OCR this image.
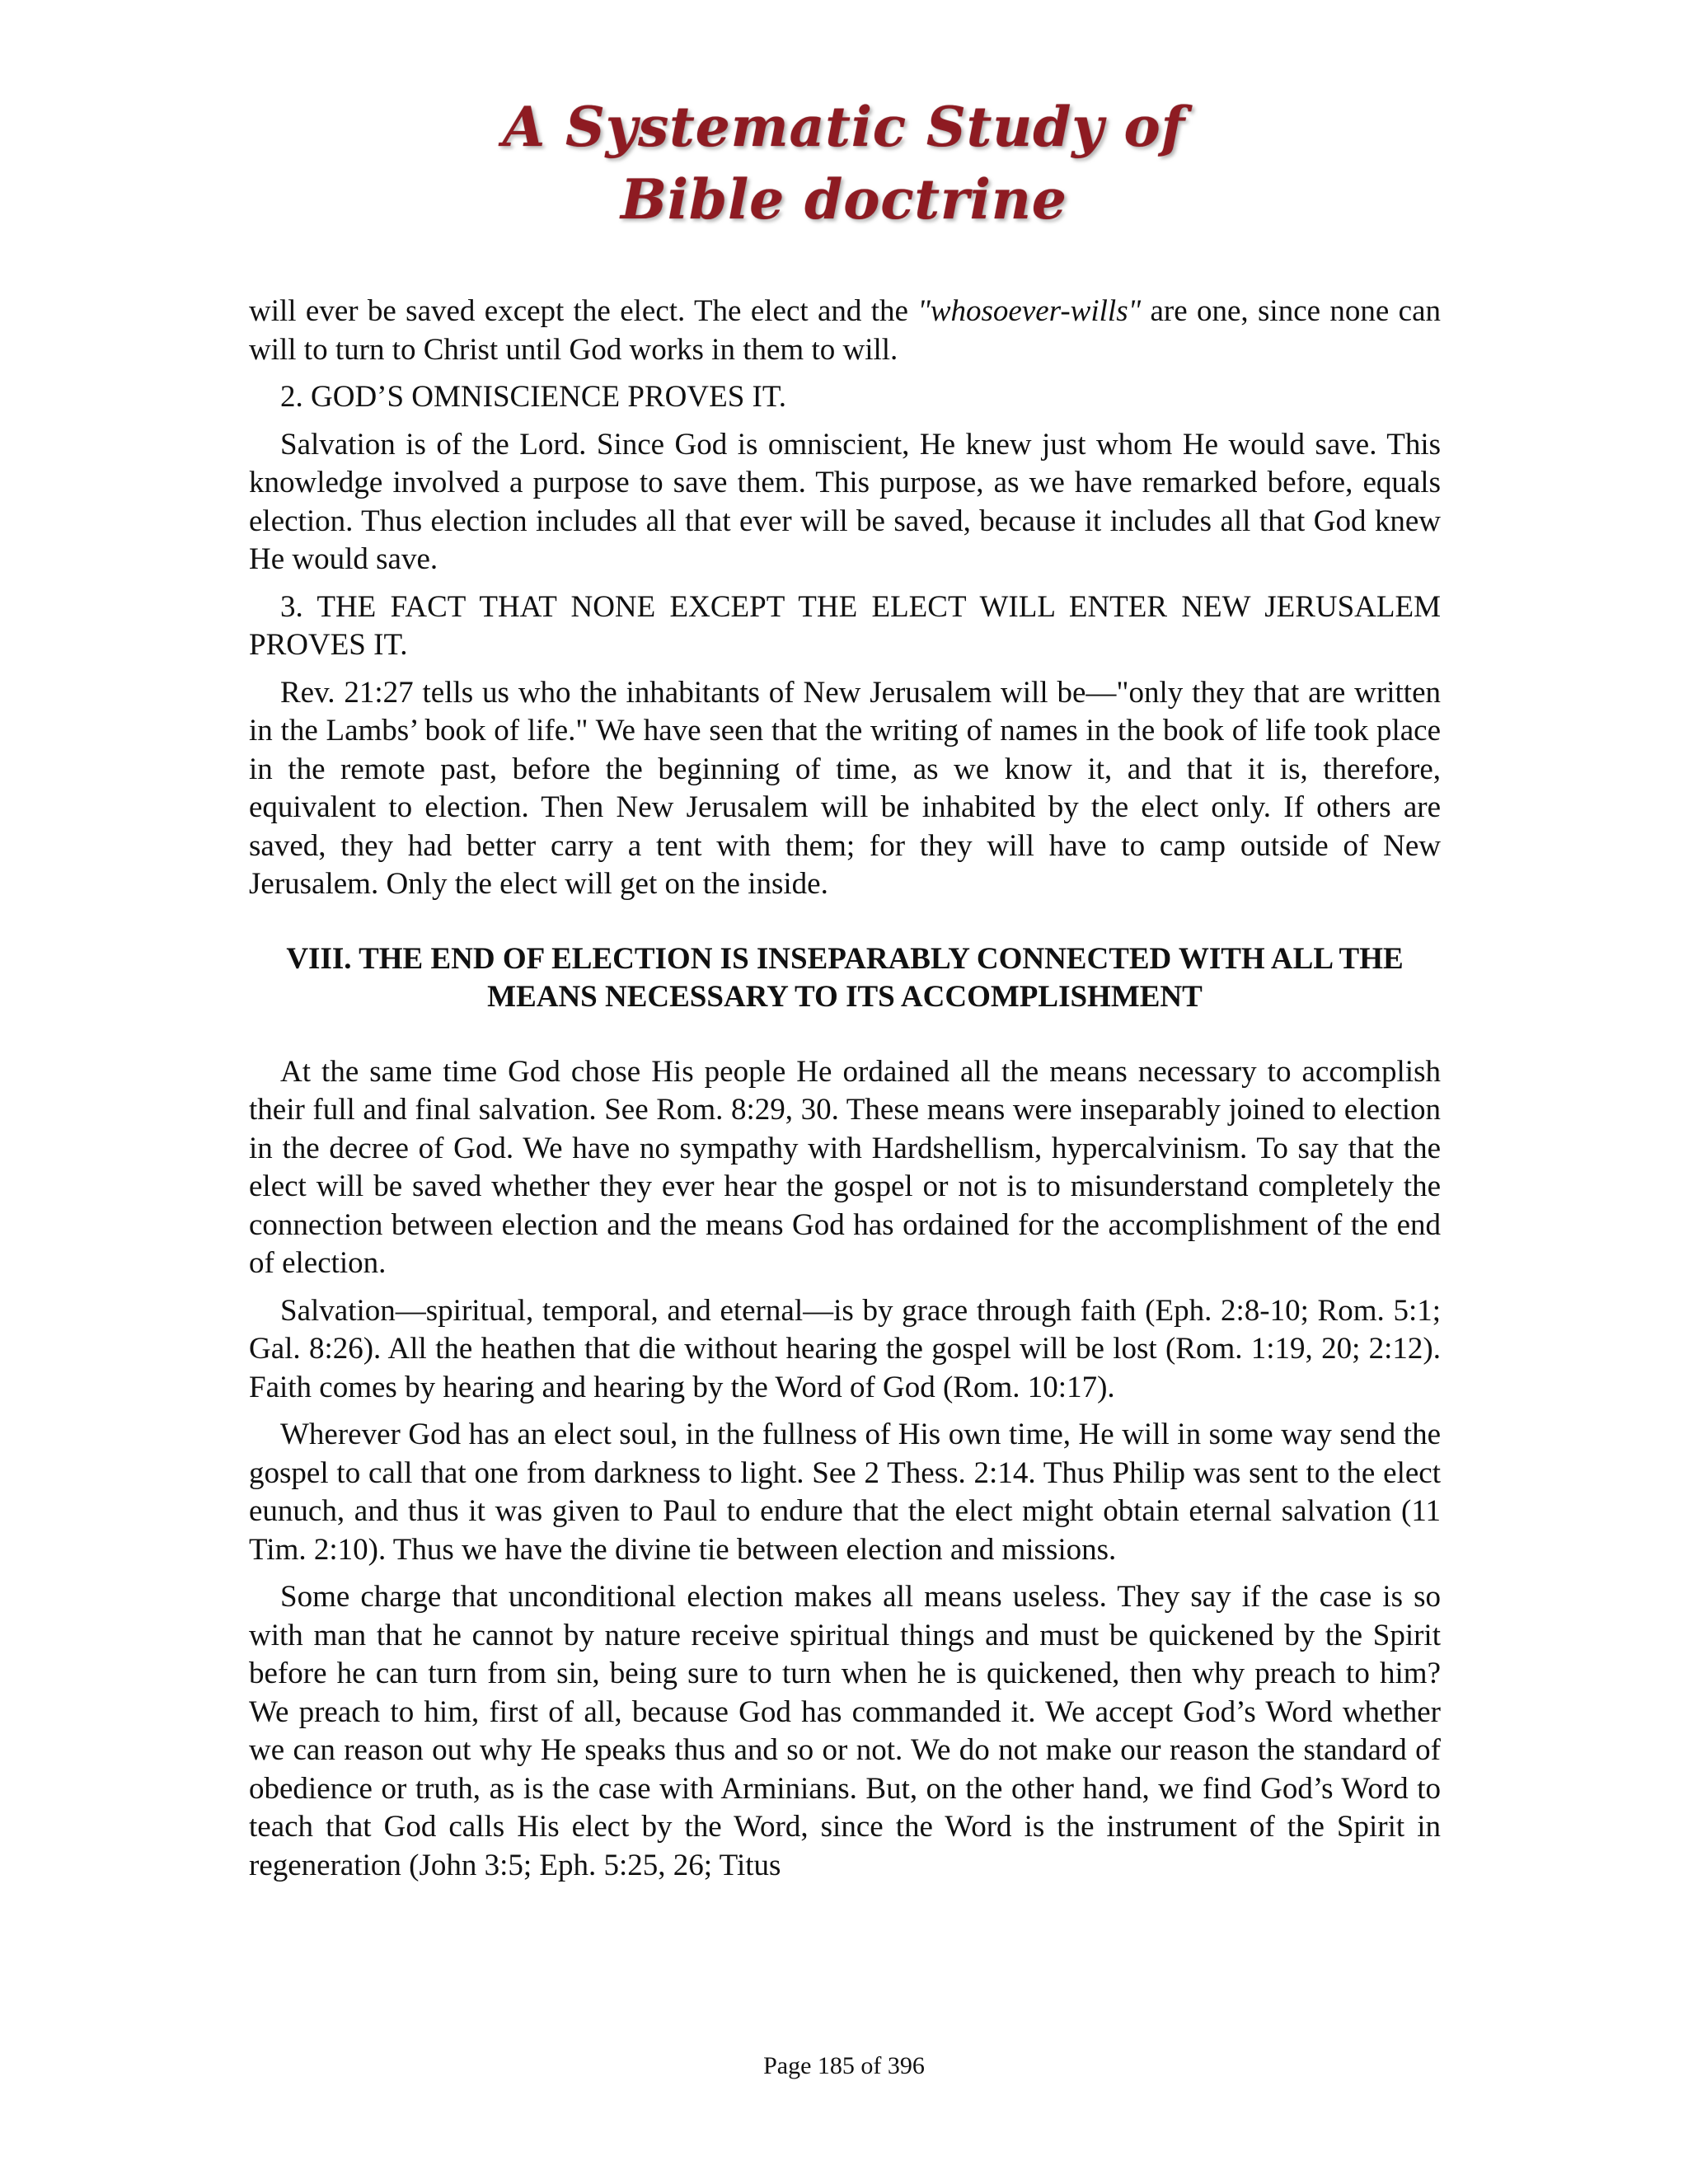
A Systematic Study of
Bible doctrine

will ever be saved except the elect. The elect and the "whosoever-wills" are one, since none can will to turn to Christ until God works in them to will.

2. GOD’S OMNISCIENCE PROVES IT.

Salvation is of the Lord. Since God is omniscient, He knew just whom He would save. This knowledge involved a purpose to save them. This purpose, as we have remarked before, equals election. Thus election includes all that ever will be saved, because it includes all that God knew He would save.

3. THE FACT THAT NONE EXCEPT THE ELECT WILL ENTER NEW JERUSALEM PROVES IT.

Rev. 21:27 tells us who the inhabitants of New Jerusalem will be—"only they that are written in the Lambs’ book of life." We have seen that the writing of names in the book of life took place in the remote past, before the beginning of time, as we know it, and that it is, therefore, equivalent to election. Then New Jerusalem will be inhabited by the elect only. If others are saved, they had better carry a tent with them; for they will have to camp outside of New Jerusalem. Only the elect will get on the inside.

VIII. THE END OF ELECTION IS INSEPARABLY CONNECTED WITH ALL THE MEANS NECESSARY TO ITS ACCOMPLISHMENT

At the same time God chose His people He ordained all the means necessary to accomplish their full and final salvation. See Rom. 8:29, 30. These means were inseparably joined to election in the decree of God. We have no sympathy with Hardshellism, hypercalvinism. To say that the elect will be saved whether they ever hear the gospel or not is to misunderstand completely the connection between election and the means God has ordained for the accomplishment of the end of election.

Salvation—spiritual, temporal, and eternal—is by grace through faith (Eph. 2:8-10; Rom. 5:1; Gal. 8:26). All the heathen that die without hearing the gospel will be lost (Rom. 1:19, 20; 2:12). Faith comes by hearing and hearing by the Word of God (Rom. 10:17).

Wherever God has an elect soul, in the fullness of His own time, He will in some way send the gospel to call that one from darkness to light. See 2 Thess. 2:14. Thus Philip was sent to the elect eunuch, and thus it was given to Paul to endure that the elect might obtain eternal salvation (11 Tim. 2:10). Thus we have the divine tie between election and missions.

Some charge that unconditional election makes all means useless. They say if the case is so with man that he cannot by nature receive spiritual things and must be quickened by the Spirit before he can turn from sin, being sure to turn when he is quickened, then why preach to him? We preach to him, first of all, because God has commanded it. We accept God’s Word whether we can reason out why He speaks thus and so or not. We do not make our reason the standard of obedience or truth, as is the case with Arminians. But, on the other hand, we find God’s Word to teach that God calls His elect by the Word, since the Word is the instrument of the Spirit in regeneration (John 3:5; Eph. 5:25, 26; Titus

Page 185 of 396
